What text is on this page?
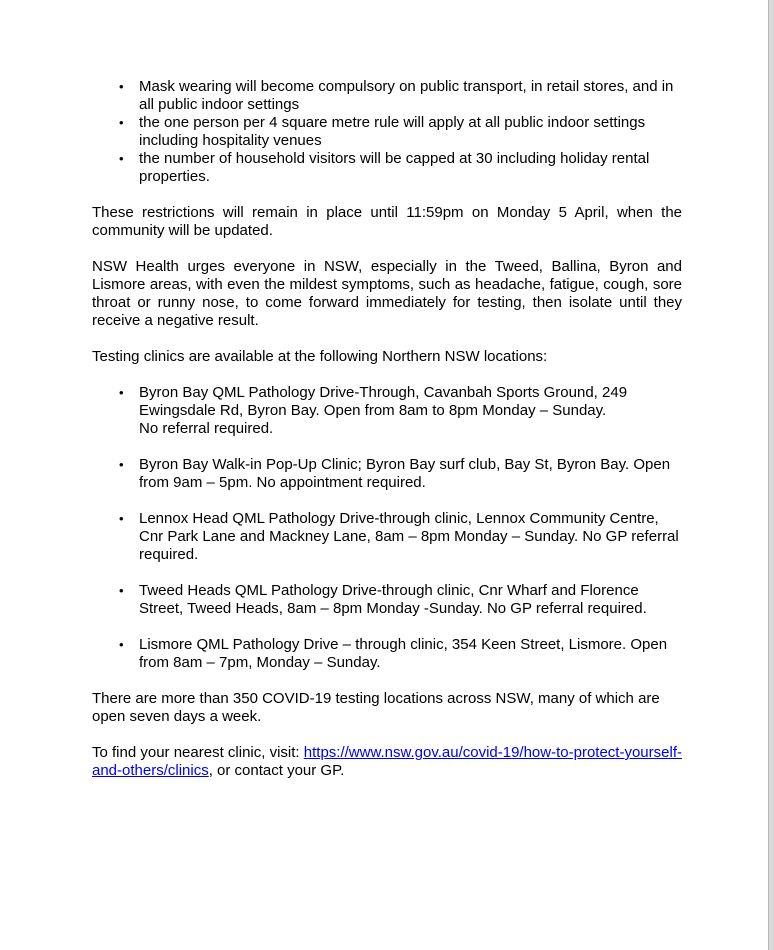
• Mask wearing will become compulsory on public transport, in retail stores, and in all public indoor settings
• the one person per 4 square metre rule will apply at all public indoor settings including hospitality venues
• the number of household visitors will be capped at 30 including holiday rental properties.

These restrictions will remain in place until 11:59pm on Monday 5 April, when the community will be updated.

NSW Health urges everyone in NSW, especially in the Tweed, Ballina, Byron and Lismore areas, with even the mildest symptoms, such as headache, fatigue, cough, sore throat or runny nose, to come forward immediately for testing, then isolate until they receive a negative result.

Testing clinics are available at the following Northern NSW locations:

• Byron Bay QML Pathology Drive-Through, Cavanbah Sports Ground, 249 Ewingsdale Rd, Byron Bay. Open from 8am to 8pm Monday – Sunday.
No referral required.
• Byron Bay Walk-in Pop-Up Clinic; Byron Bay surf club, Bay St, Byron Bay. Open from 9am – 5pm. No appointment required.
• Lennox Head QML Pathology Drive-through clinic, Lennox Community Centre, Cnr Park Lane and Mackney Lane, 8am – 8pm Monday – Sunday. No GP referral required.
• Tweed Heads QML Pathology Drive-through clinic, Cnr Wharf and Florence Street, Tweed Heads, 8am – 8pm Monday -Sunday. No GP referral required.
• Lismore QML Pathology Drive – through clinic, 354 Keen Street, Lismore. Open from 8am – 7pm, Monday – Sunday.

There are more than 350 COVID-19 testing locations across NSW, many of which are open seven days a week.

To find your nearest clinic, visit: https://www.nsw.gov.au/covid-19/how-to-protect-yourself-and-others/clinics, or contact your GP.
